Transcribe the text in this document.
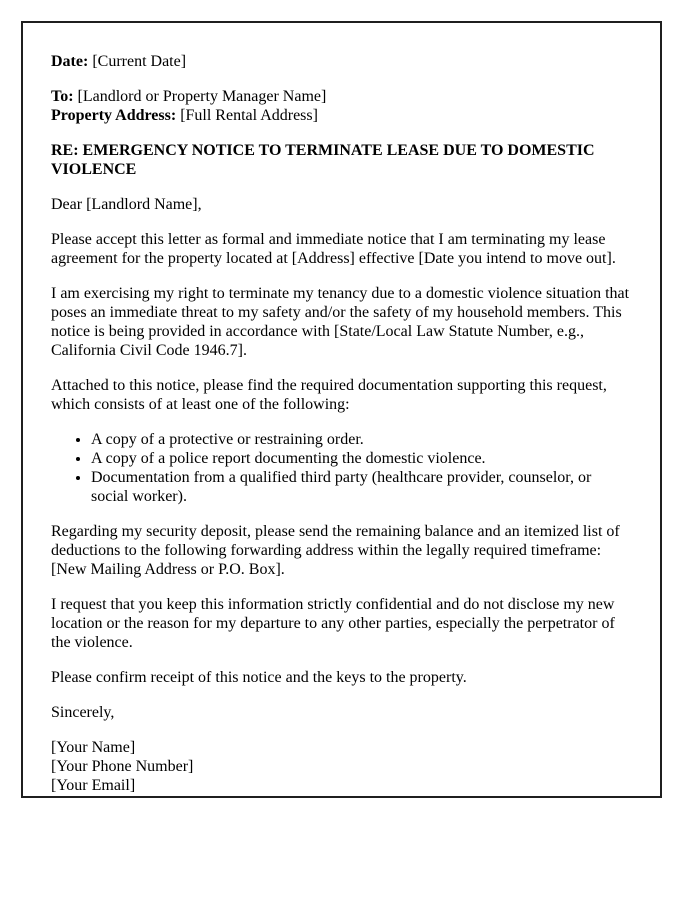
Date: [Current Date]

To: [Landlord or Property Manager Name]
Property Address: [Full Rental Address]

RE: EMERGENCY NOTICE TO TERMINATE LEASE DUE TO DOMESTIC VIOLENCE

Dear [Landlord Name],

Please accept this letter as formal and immediate notice that I am terminating my lease agreement for the property located at [Address] effective [Date you intend to move out].

I am exercising my right to terminate my tenancy due to a domestic violence situation that poses an immediate threat to my safety and/or the safety of my household members. This notice is being provided in accordance with [State/Local Law Statute Number, e.g., California Civil Code 1946.7].

Attached to this notice, please find the required documentation supporting this request, which consists of at least one of the following:

• A copy of a protective or restraining order.
• A copy of a police report documenting the domestic violence.
• Documentation from a qualified third party (healthcare provider, counselor, or social worker).

Regarding my security deposit, please send the remaining balance and an itemized list of deductions to the following forwarding address within the legally required timeframe: [New Mailing Address or P.O. Box].

I request that you keep this information strictly confidential and do not disclose my new location or the reason for my departure to any other parties, especially the perpetrator of the violence.

Please confirm receipt of this notice and the keys to the property.

Sincerely,

[Your Name]
[Your Phone Number]
[Your Email]
